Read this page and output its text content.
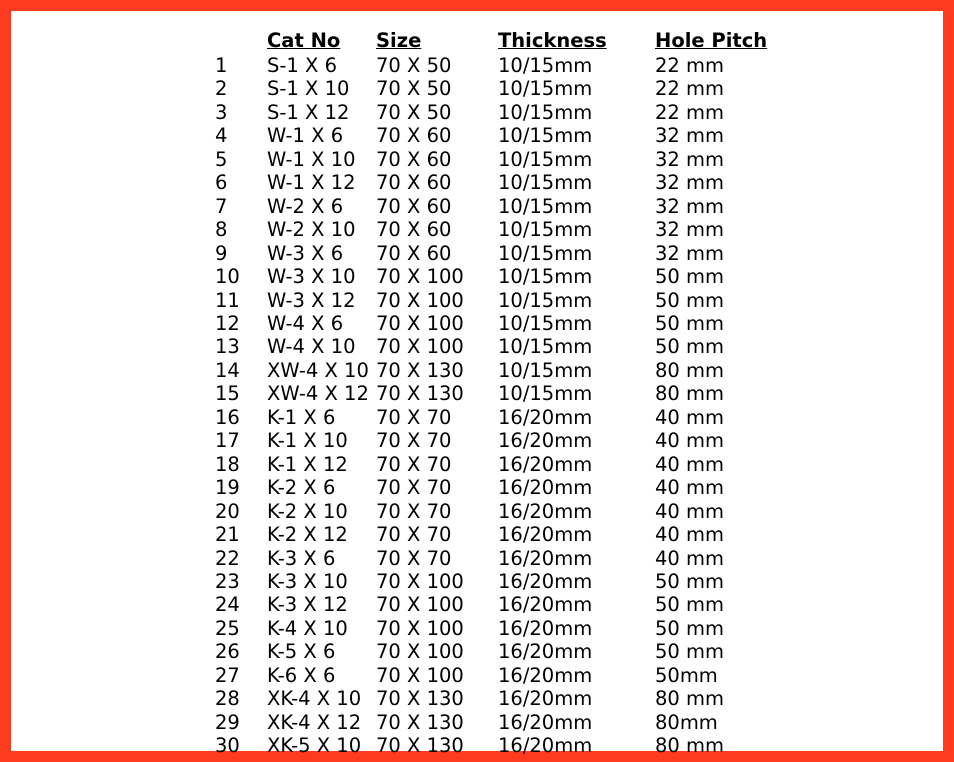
	Cat No	Size	Thickness	Hole Pitch
1	S-1 X 6	70 X 50	10/15mm	22 mm
2	S-1 X 10	70 X 50	10/15mm	22 mm
3	S-1 X 12	70 X 50	10/15mm	22 mm
4	W-1 X 6	70 X 60	10/15mm	32 mm
5	W-1 X 10	70 X 60	10/15mm	32 mm
6	W-1 X 12	70 X 60	10/15mm	32 mm
7	W-2 X 6	70 X 60	10/15mm	32 mm
8	W-2 X 10	70 X 60	10/15mm	32 mm
9	W-3 X 6	70 X 60	10/15mm	32 mm
10	W-3 X 10	70 X 100	10/15mm	50 mm
11	W-3 X 12	70 X 100	10/15mm	50 mm
12	W-4 X 6	70 X 100	10/15mm	50 mm
13	W-4 X 10	70 X 100	10/15mm	50 mm
14	XW-4 X 10	70 X 130	10/15mm	80 mm
15	XW-4 X 12	70 X 130	10/15mm	80 mm
16	K-1 X 6	70 X 70	16/20mm	40 mm
17	K-1 X 10	70 X 70	16/20mm	40 mm
18	K-1 X 12	70 X 70	16/20mm	40 mm
19	K-2 X 6	70 X 70	16/20mm	40 mm
20	K-2 X 10	70 X 70	16/20mm	40 mm
21	K-2 X 12	70 X 70	16/20mm	40 mm
22	K-3 X 6	70 X 70	16/20mm	40 mm
23	K-3 X 10	70 X 100	16/20mm	50 mm
24	K-3 X 12	70 X 100	16/20mm	50 mm
25	K-4 X 10	70 X 100	16/20mm	50 mm
26	K-5 X 6	70 X 100	16/20mm	50 mm
27	K-6 X 6	70 X 100	16/20mm	50mm
28	XK-4 X 10	70 X 130	16/20mm	80 mm
29	XK-4 X 12	70 X 130	16/20mm	80mm
30	XK-5 X 10	70 X 130	16/20mm	80 mm
